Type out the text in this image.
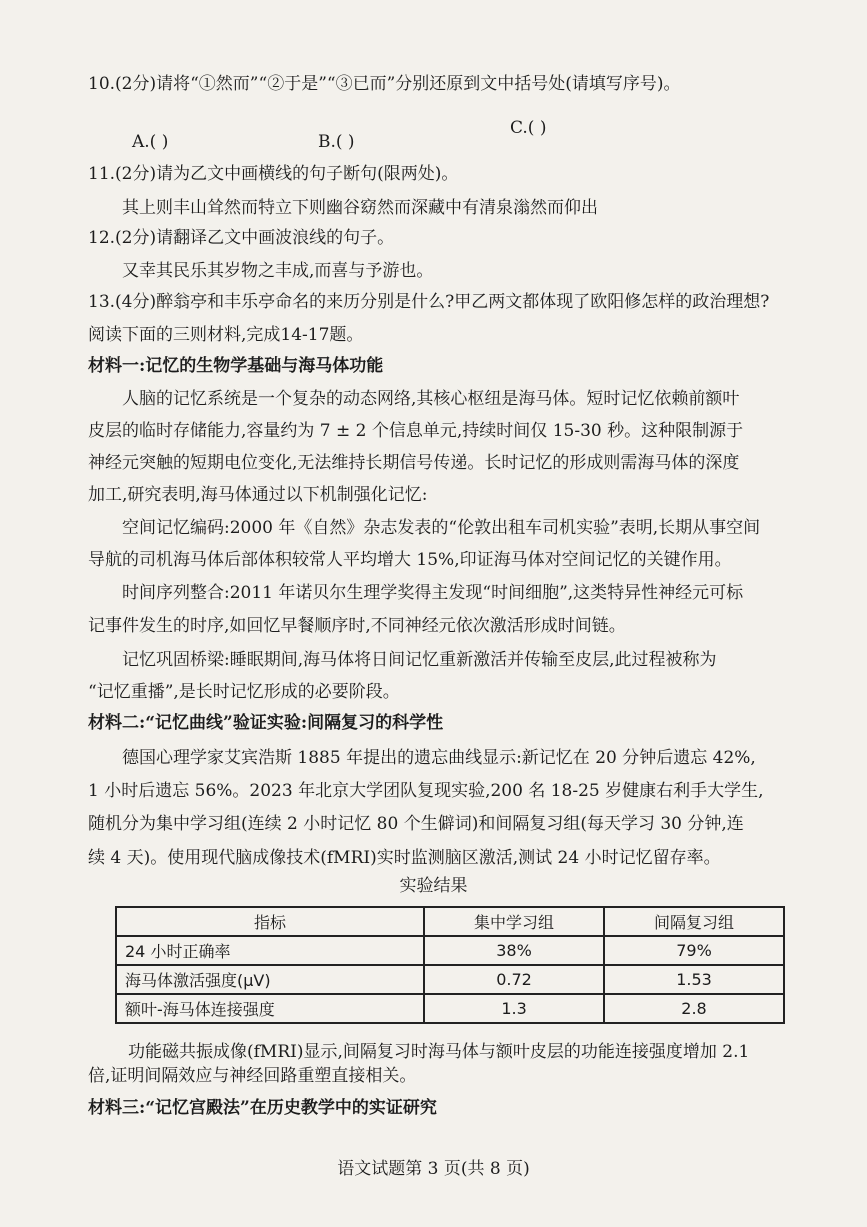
10.(2分)请将“①然而”“②于是”“③已而”分别还原到文中括号处(请填写序号)。
A.( )	B.( )
C.( )
11.(2分)请为乙文中画横线的句子断句(限两处)。
其上则丰山耸然而特立下则幽谷窈然而深藏中有清泉滃然而仰出
12.(2分)请翻译乙文中画波浪线的句子。
又幸其民乐其岁物之丰成,而喜与予游也。
13.(4分)醉翁亭和丰乐亭命名的来历分别是什么?甲乙两文都体现了欧阳修怎样的政治理想?
阅读下面的三则材料,完成14-17题。
材料一:记忆的生物学基础与海马体功能
人脑的记忆系统是一个复杂的动态网络,其核心枢纽是海马体。短时记忆依赖前额叶
皮层的临时存储能力,容量约为 7 ± 2 个信息单元,持续时间仅 15-30 秒。这种限制源于
神经元突触的短期电位变化,无法维持长期信号传递。长时记忆的形成则需海马体的深度
加工,研究表明,海马体通过以下机制强化记忆:
空间记忆编码:2000 年《自然》杂志发表的“伦敦出租车司机实验”表明,长期从事空间
导航的司机海马体后部体积较常人平均增大 15%,印证海马体对空间记忆的关键作用。
时间序列整合:2011 年诺贝尔生理学奖得主发现“时间细胞”,这类特异性神经元可标
记事件发生的时序,如回忆早餐顺序时,不同神经元依次激活形成时间链。
记忆巩固桥梁:睡眠期间,海马体将日间记忆重新激活并传输至皮层,此过程被称为
“记忆重播”,是长时记忆形成的必要阶段。
材料二:“记忆曲线”验证实验:间隔复习的科学性
德国心理学家艾宾浩斯 1885 年提出的遗忘曲线显示:新记忆在 20 分钟后遗忘 42%,
1 小时后遗忘 56%。2023 年北京大学团队复现实验,200 名 18-25 岁健康右利手大学生,
随机分为集中学习组(连续 2 小时记忆 80 个生僻词)和间隔复习组(每天学习 30 分钟,连
续 4 天)。使用现代脑成像技术(fMRI)实时监测脑区激活,测试 24 小时记忆留存率。
实验结果
指标	集中学习组	间隔复习组
24 小时正确率	38%	79%
海马体激活强度(μV)	0.72	1.53
额叶-海马体连接强度	1.3	2.8
功能磁共振成像(fMRI)显示,间隔复习时海马体与额叶皮层的功能连接强度增加 2.1
倍,证明间隔效应与神经回路重塑直接相关。
材料三:“记忆宫殿法”在历史教学中的实证研究
语文试题第 3 页(共 8 页)
